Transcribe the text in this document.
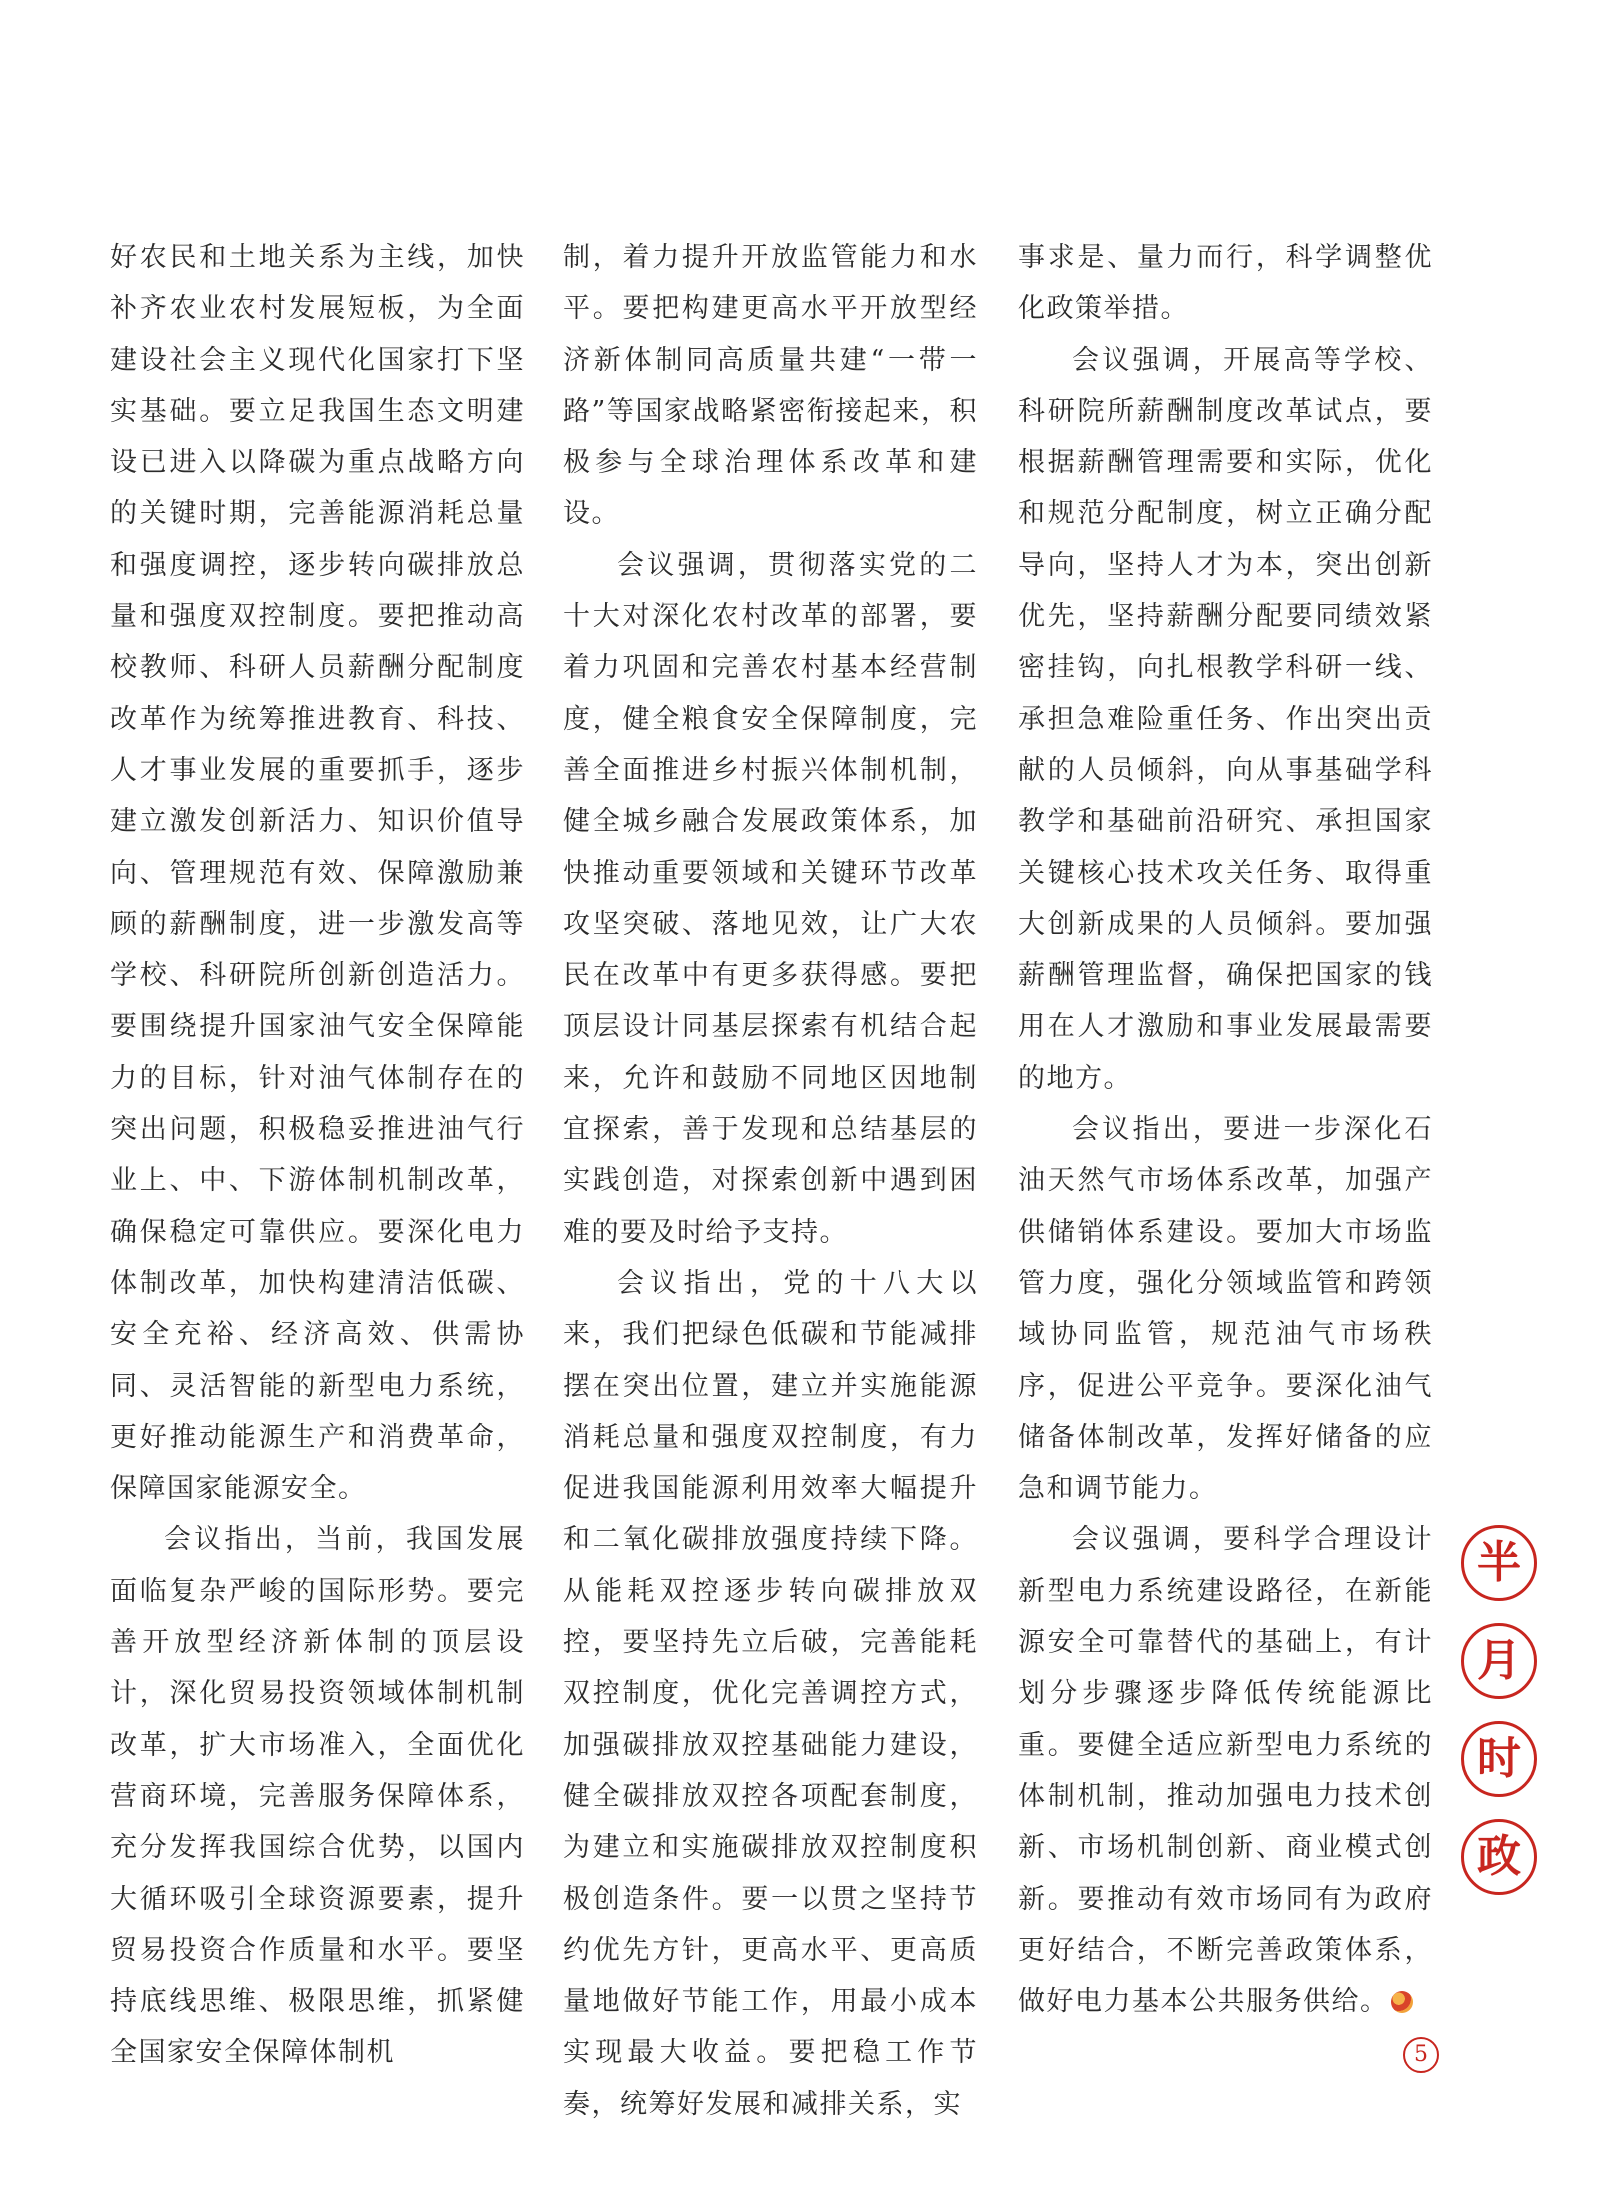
好农民和土地关系为主线，加快补齐农业农村发展短板，为全面建设社会主义现代化国家打下坚实基础。要立足我国生态文明建设已进入以降碳为重点战略方向的关键时期，完善能源消耗总量和强度调控，逐步转向碳排放总量和强度双控制度。要把推动高校教师、科研人员薪酬分配制度改革作为统筹推进教育、科技、人才事业发展的重要抓手，逐步建立激发创新活力、知识价值导向、管理规范有效、保障激励兼顾的薪酬制度，进一步激发高等学校、科研院所创新创造活力。要围绕提升国家油气安全保障能力的目标，针对油气体制存在的突出问题，积极稳妥推进油气行业上、中、下游体制机制改革，确保稳定可靠供应。要深化电力体制改革，加快构建清洁低碳、安全充裕、经济高效、供需协同、灵活智能的新型电力系统，更好推动能源生产和消费革命，保障国家能源安全。

会议指出，当前，我国发展面临复杂严峻的国际形势。要完善开放型经济新体制的顶层设计，深化贸易投资领域体制机制改革，扩大市场准入，全面优化营商环境，完善服务保障体系，充分发挥我国综合优势，以国内大循环吸引全球资源要素，提升贸易投资合作质量和水平。要坚持底线思维、极限思维，抓紧健全国家安全保障体制机

制，着力提升开放监管能力和水平。要把构建更高水平开放型经济新体制同高质量共建“一带一路”等国家战略紧密衔接起来，积极参与全球治理体系改革和建设。

会议强调，贯彻落实党的二十大对深化农村改革的部署，要着力巩固和完善农村基本经营制度，健全粮食安全保障制度，完善全面推进乡村振兴体制机制，健全城乡融合发展政策体系，加快推动重要领域和关键环节改革攻坚突破、落地见效，让广大农民在改革中有更多获得感。要把顶层设计同基层探索有机结合起来，允许和鼓励不同地区因地制宜探索，善于发现和总结基层的实践创造，对探索创新中遇到困难的要及时给予支持。

会议指出，党的十八大以来，我们把绿色低碳和节能减排摆在突出位置，建立并实施能源消耗总量和强度双控制度，有力促进我国能源利用效率大幅提升和二氧化碳排放强度持续下降。从能耗双控逐步转向碳排放双控，要坚持先立后破，完善能耗双控制度，优化完善调控方式，加强碳排放双控基础能力建设，健全碳排放双控各项配套制度，为建立和实施碳排放双控制度积极创造条件。要一以贯之坚持节约优先方针，更高水平、更高质量地做好节能工作，用最小成本实现最大收益。要把稳工作节奏，统筹好发展和减排关系，实

事求是、量力而行，科学调整优化政策举措。

会议强调，开展高等学校、科研院所薪酬制度改革试点，要根据薪酬管理需要和实际，优化和规范分配制度，树立正确分配导向，坚持人才为本，突出创新优先，坚持薪酬分配要同绩效紧密挂钩，向扎根教学科研一线、承担急难险重任务、作出突出贡献的人员倾斜，向从事基础学科教学和基础前沿研究、承担国家关键核心技术攻关任务、取得重大创新成果的人员倾斜。要加强薪酬管理监督，确保把国家的钱用在人才激励和事业发展最需要的地方。

会议指出，要进一步深化石油天然气市场体系改革，加强产供储销体系建设。要加大市场监管力度，强化分领域监管和跨领域协同监管，规范油气市场秩序，促进公平竞争。要深化油气储备体制改革，发挥好储备的应急和调节能力。

会议强调，要科学合理设计新型电力系统建设路径，在新能源安全可靠替代的基础上，有计划分步骤逐步降低传统能源比重。要健全适应新型电力系统的体制机制，推动加强电力技术创新、市场机制创新、商业模式创新。要推动有效市场同有为政府更好结合，不断完善政策体系，做好电力基本公共服务供给。

半
月
时
政
5
